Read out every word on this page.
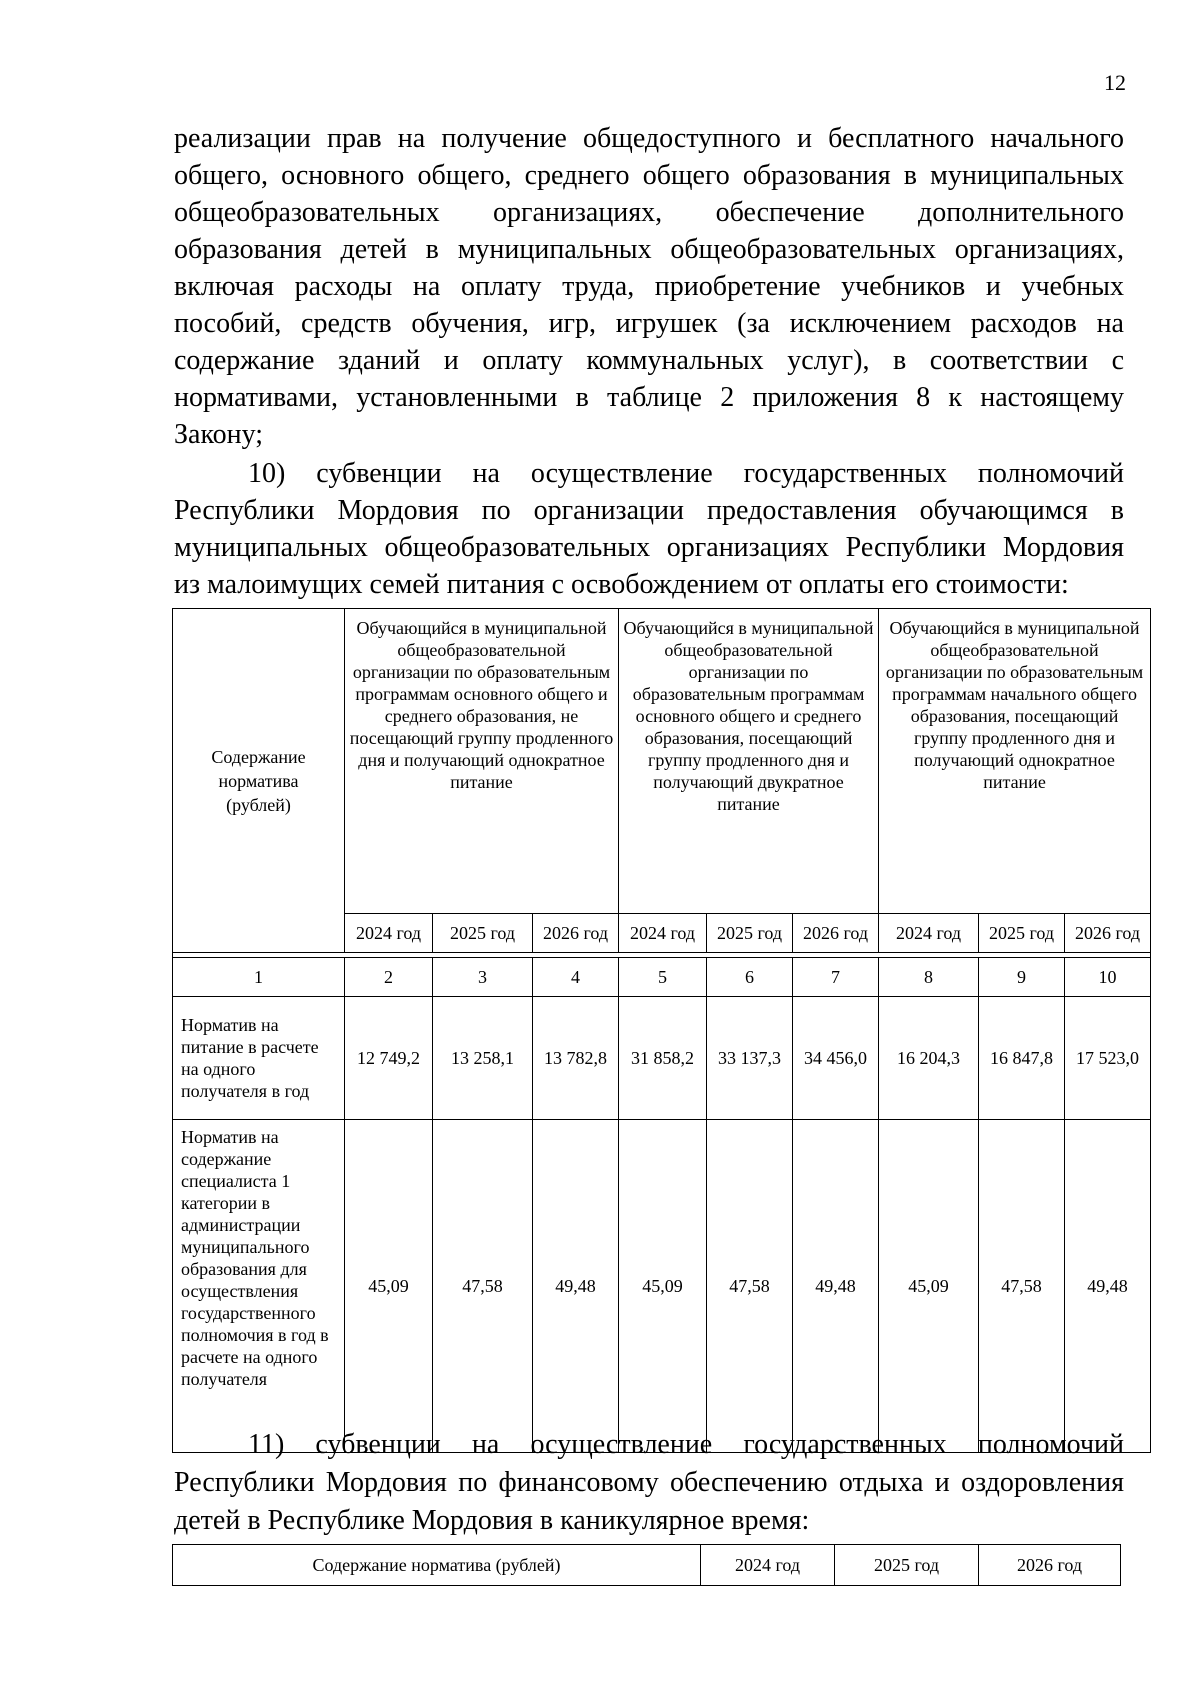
12
реализации прав на получение общедоступного и бесплатного начального
общего, основного общего, среднего общего образования в муниципальных
общеобразовательных организациях, обеспечение дополнительного
образования детей в муниципальных общеобразовательных организациях,
включая расходы на оплату труда, приобретение учебников и учебных
пособий, средств обучения, игр, игрушек (за исключением расходов на
содержание зданий и оплату коммунальных услуг), в соответствии с
нормативами, установленными в таблице 2 приложения 8 к настоящему
Закону;
10) субвенции на осуществление государственных полномочий
Республики Мордовия по организации предоставления обучающимся в
муниципальных общеобразовательных организациях Республики Мордовия
из малоимущих семей питания с освобождением от оплаты его стоимости:
Содержание норматива (рублей)	Обучающийся в муниципальной общеобразовательной организации по образовательным программам основного общего и среднего образования, не посещающий группу продленного дня и получающий однократное питание			Обучающийся в муниципальной общеобразовательной организации по образовательным программам основного общего и среднего образования, посещающий группу продленного дня и получающий двукратное питание			Обучающийся в муниципальной общеобразовательной организации по образовательным программам начального общего образования, посещающий группу продленного дня и получающий однократное питание		
	2024 год	2025 год	2026 год	2024 год	2025 год	2026 год	2024 год	2025 год	2026 год

1	2	3	4	5	6	7	8	9	10
Норматив на питание в расчете на одного получателя в год	12 749,2	13 258,1	13 782,8	31 858,2	33 137,3	34 456,0	16 204,3	16 847,8	17 523,0
Норматив на содержание специалиста 1 категории в администрации муниципального образования для осуществления государственного полномочия в год в расчете на одного получателя	45,09	47,58	49,48	45,09	47,58	49,48	45,09	47,58	49,48
11) субвенции на осуществление государственных полномочий
Республики Мордовия по финансовому обеспечению отдыха и оздоровления
детей в Республике Мордовия в каникулярное время:
Содержание норматива (рублей)	2024 год	2025 год	2026 год
